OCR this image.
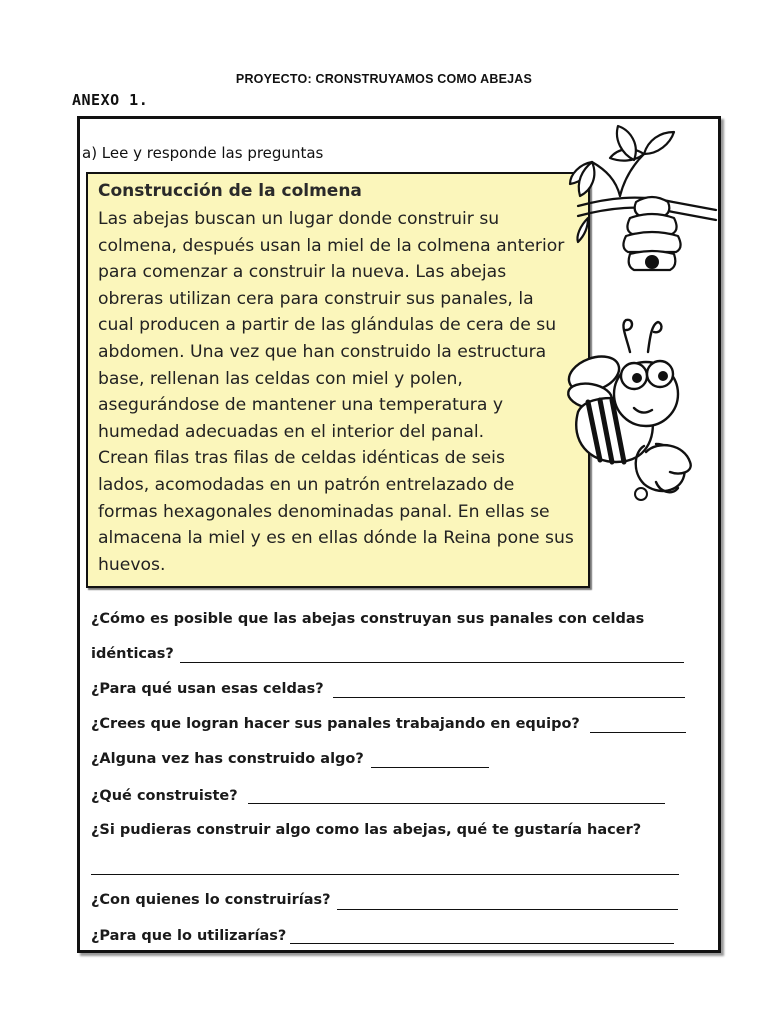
PROYECTO: CRONSTRUYAMOS COMO ABEJAS
ANEXO 1.
a) Lee y responde las preguntas
Construcción de la colmena
Las abejas buscan un lugar donde construir su
colmena, después usan la miel de la colmena anterior
para comenzar a construir la nueva. Las abejas
obreras utilizan cera para construir sus panales, la
cual producen a partir de las glándulas de cera de su
abdomen. Una vez que han construido la estructura
base, rellenan las celdas con miel y polen,
asegurándose de mantener una temperatura y
humedad adecuadas en el interior del panal.
Crean filas tras filas de celdas idénticas de seis
lados, acomodadas en un patrón entrelazado de
formas hexagonales denominadas panal. En ellas se
almacena la miel y es en ellas dónde la Reina pone sus
huevos.
¿Cómo es posible que las abejas construyan sus panales con celdas
idénticas?
¿Para qué usan esas celdas?
¿Crees que logran hacer sus panales trabajando en equipo?
¿Alguna vez has construido algo?
¿Qué construiste?
¿Si pudieras construir algo como las abejas, qué te gustaría hacer?
¿Con quienes lo construirías?
¿Para que lo utilizarías?
